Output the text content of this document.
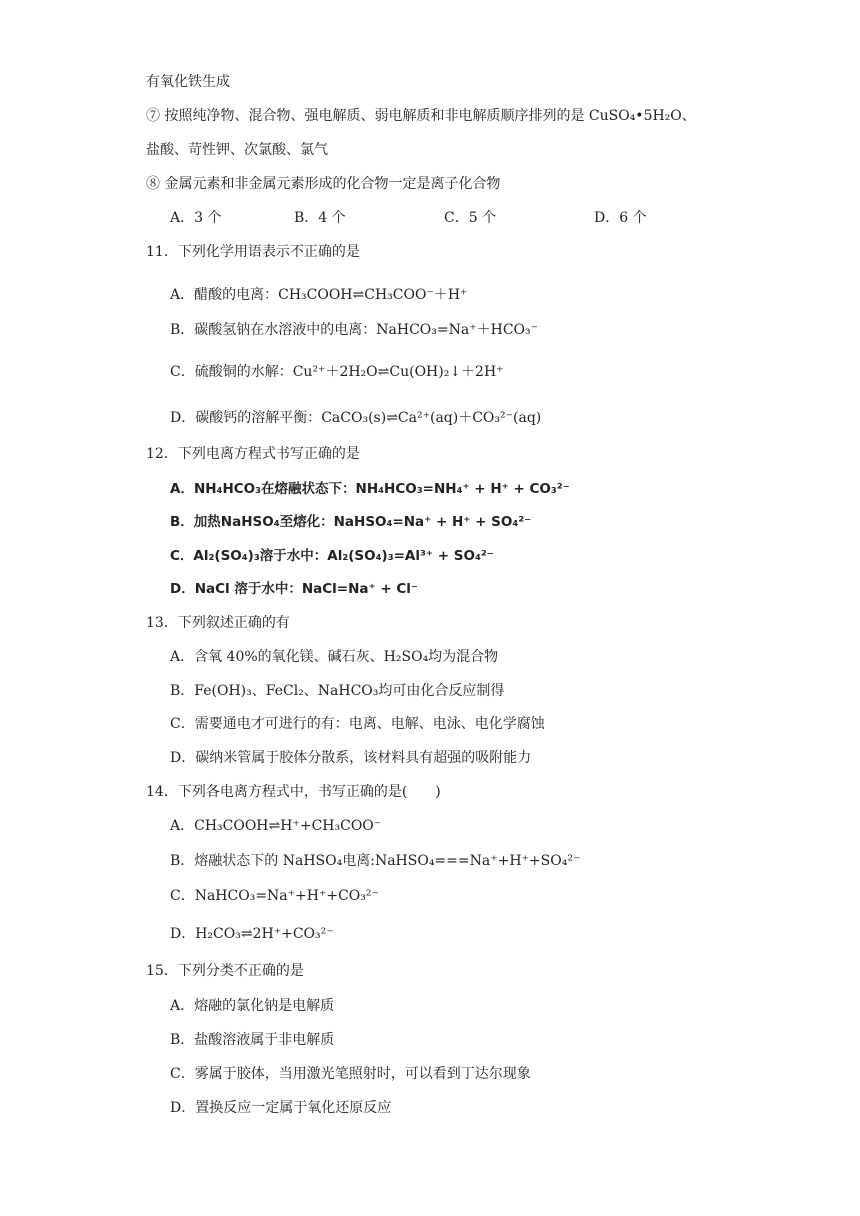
有氧化铁生成
⑦ 按照纯净物、混合物、强电解质、弱电解质和非电解质顺序排列的是 CuSO₄•5H₂O、
盐酸、苛性钾、次氯酸、氯气
⑧ 金属元素和非金属元素形成的化合物一定是离子化合物
A．3 个	B．4 个	C．5 个	D．6 个
11．下列化学用语表示不正确的是
A．醋酸的电离：CH₃COOH⇌CH₃COO⁻＋H⁺
B．碳酸氢钠在水溶液中的电离：NaHCO₃=Na⁺＋HCO₃⁻
C．硫酸铜的水解：Cu²⁺＋2H₂O⇌Cu(OH)₂↓＋2H⁺
D．碳酸钙的溶解平衡：CaCO₃(s)⇌Ca²⁺(aq)＋CO₃²⁻(aq)
12．下列电离方程式书写正确的是
A．NH₄HCO₃在熔融状态下：NH₄HCO₃=NH₄⁺ + H⁺ + CO₃²⁻
B．加热NaHSO₄至熔化：NaHSO₄=Na⁺ + H⁺ + SO₄²⁻
C．Al₂(SO₄)₃溶于水中：Al₂(SO₄)₃=Al³⁺ + SO₄²⁻
D．NaCl 溶于水中：NaCl=Na⁺ + Cl⁻
13．下列叙述正确的有
A．含氧 40%的氧化镁、碱石灰、H₂SO₄均为混合物
B．Fe(OH)₃、FeCl₂、NaHCO₃均可由化合反应制得
C．需要通电才可进行的有：电离、电解、电泳、电化学腐蚀
D．碳纳米管属于胶体分散系，该材料具有超强的吸附能力
14．下列各电离方程式中，书写正确的是(　　)
A．CH₃COOH⇌H⁺+CH₃COO⁻
B．熔融状态下的 NaHSO₄电离:NaHSO₄===Na⁺+H⁺+SO₄²⁻
C．NaHCO₃=Na⁺+H⁺+CO₃²⁻
D．H₂CO₃⇌2H⁺+CO₃²⁻
15．下列分类不正确的是
A．熔融的氯化钠是电解质
B．盐酸溶液属于非电解质
C．雾属于胶体，当用激光笔照射时，可以看到丁达尔现象
D．置换反应一定属于氧化还原反应
